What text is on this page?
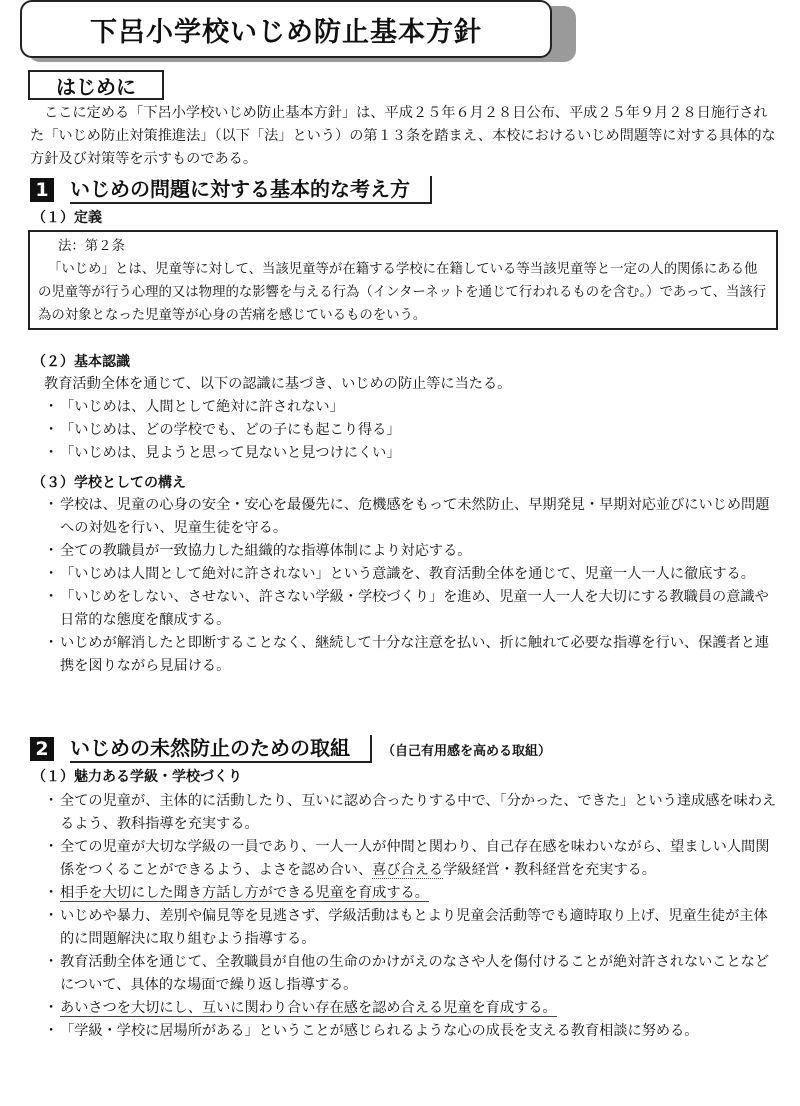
下呂小学校いじめ防止基本方針
はじめに
ここに定める「下呂小学校いじめ防止基本方針」は、平成２５年６月２８日公布、平成２５年９月２８日施行された「いじめ防止対策推進法」（以下「法」という）の第１３条を踏まえ、本校におけるいじめ問題等に対する具体的な方針及び対策等を示すものである。
1 いじめの問題に対する基本的な考え方
（１）定義
法：第２条
「いじめ」とは、児童等に対して、当該児童等が在籍する学校に在籍している等当該児童等と一定の人的関係にある他の児童等が行う心理的又は物理的な影響を与える行為（インターネットを通じて行われるものを含む。）であって、当該行為の対象となった児童等が心身の苦痛を感じているものをいう。
（２）基本認識
教育活動全体を通じて、以下の認識に基づき、いじめの防止等に当たる。
・ 「いじめは、人間として絶対に許されない」
・ 「いじめは、どの学校でも、どの子にも起こり得る」
・ 「いじめは、見ようと思って見ないと見つけにくい」
（３）学校としての構え
・ 学校は、児童の心身の安全・安心を最優先に、危機感をもって未然防止、早期発見・早期対応並びにいじめ問題への対処を行い、児童生徒を守る。
・ 全ての教職員が一致協力した組織的な指導体制により対応する。
・ 「いじめは人間として絶対に許されない」という意識を、教育活動全体を通じて、児童一人一人に徹底する。
・ 「いじめをしない、させない、許さない学級・学校づくり」を進め、児童一人一人を大切にする教職員の意識や日常的な態度を醸成する。
・ いじめが解消したと即断することなく、継続して十分な注意を払い、折に触れて必要な指導を行い、保護者と連携を図りながら見届ける。
2 いじめの未然防止のための取組	（自己有用感を高める取組）
（１）魅力ある学級・学校づくり
・ 全ての児童が、主体的に活動したり、互いに認め合ったりする中で、「分かった、できた」という達成感を味わえるよう、教科指導を充実する。
・ 全ての児童が大切な学級の一員であり、一人一人が仲間と関わり、自己存在感を味わいながら、望ましい人間関係をつくることができるよう、よさを認め合い、喜び合える学級経営・教科経営を充実する。
・ 相手を大切にした聞き方話し方ができる児童を育成する。
・ いじめや暴力、差別や偏見等を見逃さず、学級活動はもとより児童会活動等でも適時取り上げ、児童生徒が主体的に問題解決に取り組むよう指導する。
・ 教育活動全体を通じて、全教職員が自他の生命のかけがえのなさや人を傷付けることが絶対許されないことなどについて、具体的な場面で繰り返し指導する。
・ あいさつを大切にし、互いに関わり合い存在感を認め合える児童を育成する。
・ 「学級・学校に居場所がある」ということが感じられるような心の成長を支える教育相談に努める。
